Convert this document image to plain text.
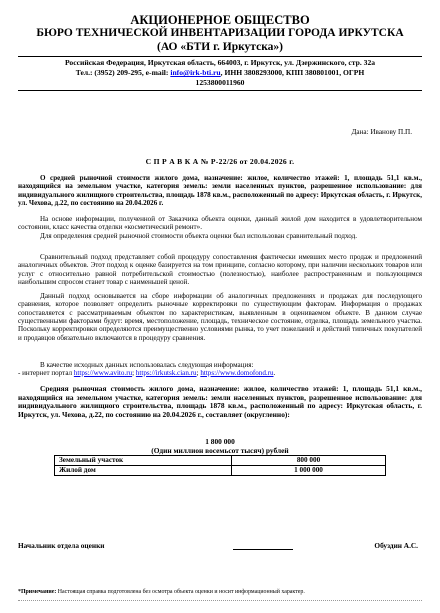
АКЦИОНЕРНОЕ ОБЩЕСТВО
БЮРО ТЕХНИЧЕСКОЙ ИНВЕНТАРИЗАЦИИ ГОРОДА ИРКУТСКА
(АО «БТИ г. Иркутска»)
Российская Федерация, Иркутская область, 664003, г. Иркутск, ул. Дзержинского, стр. 32а
Тел.: (3952) 209-295, e-mail: info@irk-bti.ru, ИНН 3808293000, КПП 380801001, ОГРН
1253800011960
Дана: Иванову П.П.
С П Р А В К А № Р-22/26 от 20.04.2026 г.
О средней рыночной стоимости жилого дома, назначение: жилое, количество этажей: 1, площадь 51,1 кв.м., находящийся на земельном участке, категория земель: земли населенных пунктов, разрешенное использование: для индивидуального жилищного строительства, площадь 1878 кв.м., расположенный по адресу: Иркутская область, г. Иркутск, ул. Чехова, д.22, по состоянию на 20.04.2026 г.
На основе информации, полученной от Заказчика объекта оценки, данный жилой дом находится в удовлетворительном состоянии, класс качества отделки «косметический ремонт».
Для определения средней рыночной стоимости объекта оценки был использован сравнительный подход.
Сравнительный подход представляет собой процедуру сопоставления фактически имевших место продаж и предложений аналогичных объектов. Этот подход к оценке базируется на том принципе, согласно которому, при наличии нескольких товаров или услуг с относительно равной потребительской стоимостью (полезностью), наиболее распространенным и пользующимся наибольшим спросом станет товар с наименьшей ценой.
Данный подход основывается на сборе информации об аналогичных предложениях и продажах для последующего сравнения, которое позволяет определить рыночные корректировки по существующим факторам. Информация о продажах сопоставляется с рассматриваемым объектом по характеристикам, выявленным в оцениваемом объекте. В данном случае существенными факторами будут: время, местоположение, площадь, техническое состояние, отделка, площадь земельного участка. Поскольку корректировки определяются преимущественно условиями рынка, то учет пожеланий и действий типичных покупателей и продавцов обязательно включаются в процедуру сравнения.
В качестве исходных данных использовалась следующая информация:
- интернет портал https://www.avito.ru; https://irkutsk.cian.ru; https://www.domofond.ru.
Средняя рыночная стоимость жилого дома, назначение: жилое, количество этажей: 1, площадь 51,1 кв.м., находящийся на земельном участке, категория земель: земли населенных пунктов, разрешенное использование: для индивидуального жилищного строительства, площадь 1878 кв.м., расположенный по адресу: Иркутская область, г. Иркутск, ул. Чехова, д.22, по состоянию на 20.04.2026 г., составляет (округленно):
1 800 000
(Один миллион восемьсот тысяч) рублей
Земельный участок	800 000
Жилой дом	1 000 000
Начальник отдела оценки	Обуздин А.С.
*Примечание: Настоящая справка подготовлена без осмотра объекта оценки и носит информационный характер.
